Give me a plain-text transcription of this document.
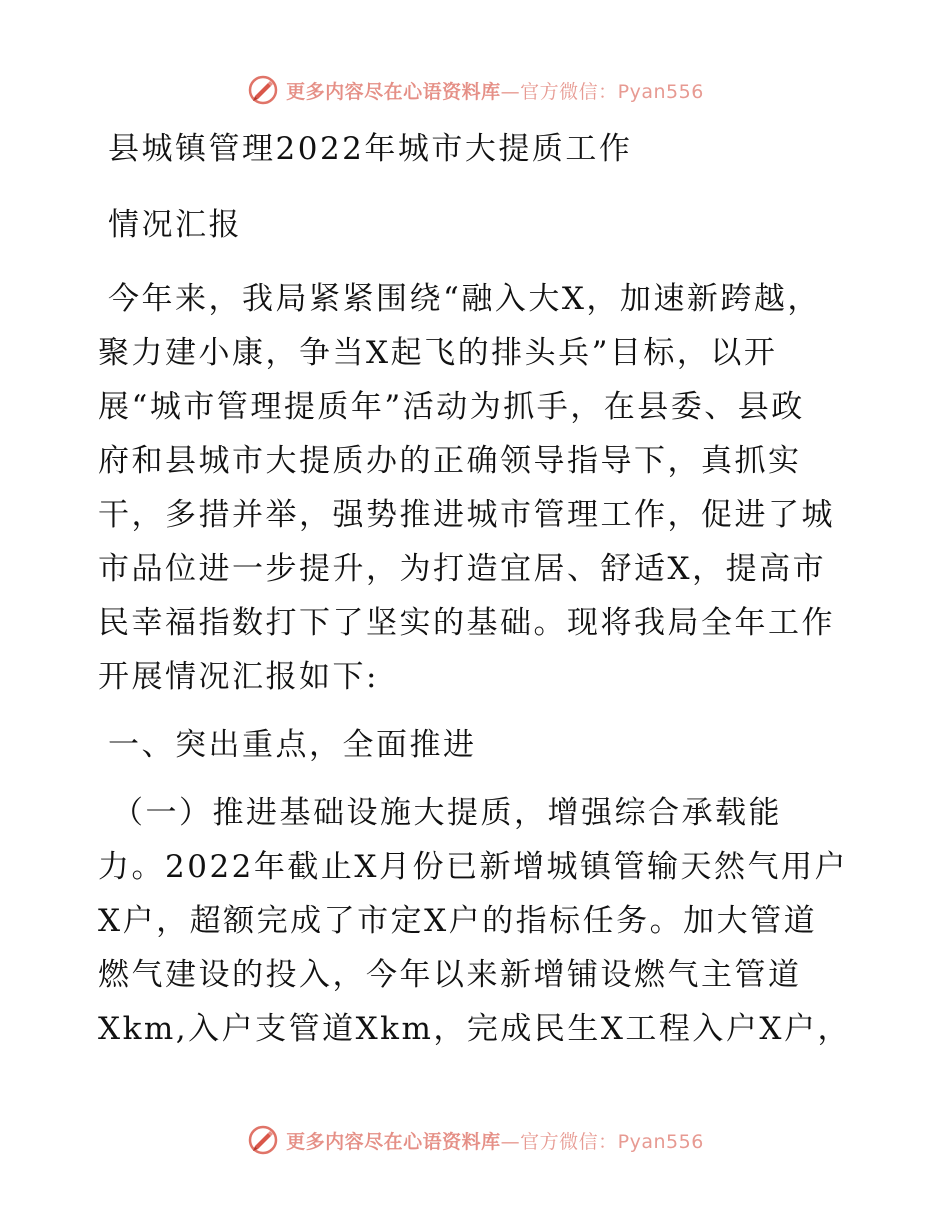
更多内容尽在心语资料库—官方微信：Pyan556
县城镇管理2022年城市大提质工作
情况汇报
今年来，我局紧紧围绕“融入大X，加速新跨越，
聚力建小康，争当X起飞的排头兵”目标，以开
展“城市管理提质年”活动为抓手，在县委、县政
府和县城市大提质办的正确领导指导下，真抓实
干，多措并举，强势推进城市管理工作，促进了城
市品位进一步提升，为打造宜居、舒适X，提高市
民幸福指数打下了坚实的基础。现将我局全年工作
开展情况汇报如下:
一、突出重点，全面推进
（一）推进基础设施大提质，增强综合承载能
力。2022年截止X月份已新增城镇管输天然气用户
X户，超额完成了市定X户的指标任务。加大管道
燃气建设的投入，今年以来新增铺设燃气主管道
Xkm,入户支管道Xkm，完成民生X工程入户X户，
更多内容尽在心语资料库—官方微信：Pyan556
